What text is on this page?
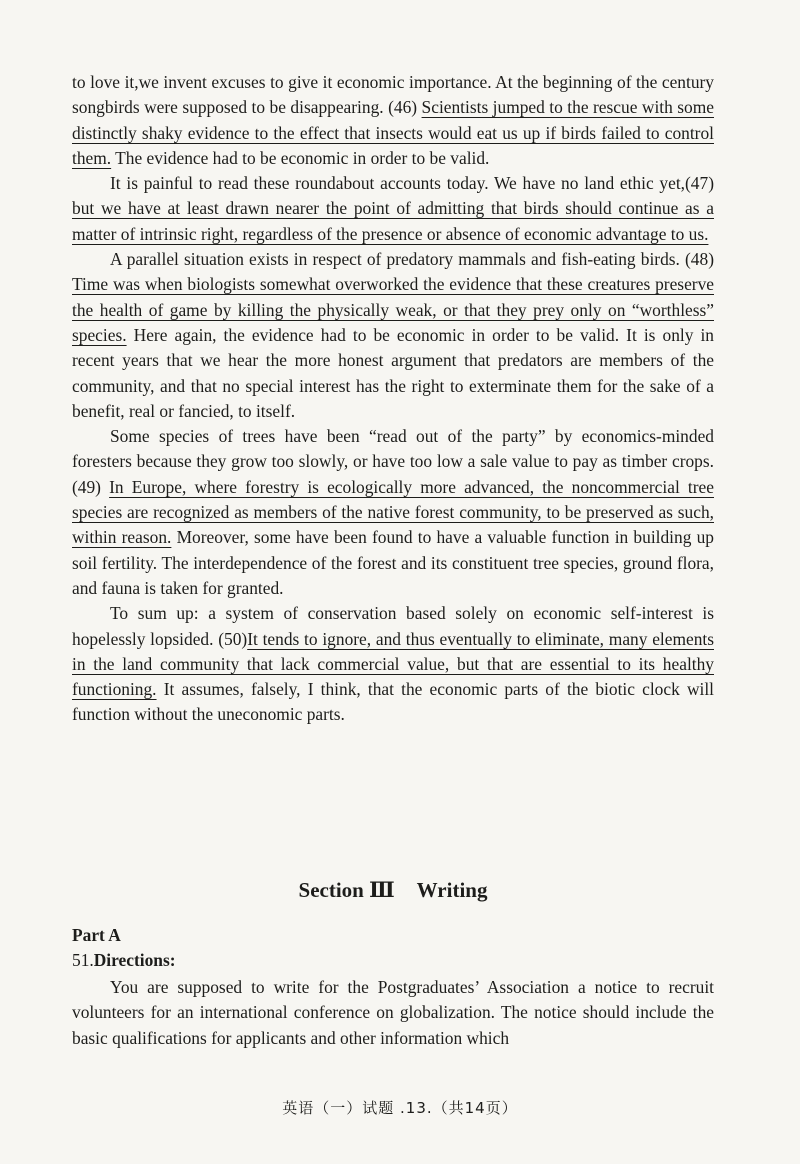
to love it,we invent excuses to give it economic importance. At the beginning of the century songbirds were supposed to be disappearing. (46) Scientists jumped to the rescue with some distinctly shaky evidence to the effect that insects would eat us up if birds failed to control them. The evidence had to be economic in order to be valid.

It is painful to read these roundabout accounts today. We have no land ethic yet,(47) but we have at least drawn nearer the point of admitting that birds should continue as a matter of intrinsic right, regardless of the presence or absence of economic advantage to us.

A parallel situation exists in respect of predatory mammals and fish-eating birds. (48) Time was when biologists somewhat overworked the evidence that these creatures preserve the health of game by killing the physically weak, or that they prey only on “worthless” species. Here again, the evidence had to be economic in order to be valid. It is only in recent years that we hear the more honest argument that predators are members of the community, and that no special interest has the right to exterminate them for the sake of a benefit, real or fancied, to itself.

Some species of trees have been “read out of the party” by economics-minded foresters because they grow too slowly, or have too low a sale value to pay as timber crops. (49) In Europe, where forestry is ecologically more advanced, the noncommercial tree species are recognized as members of the native forest community, to be preserved as such, within reason. Moreover, some have been found to have a valuable function in building up soil fertility. The interdependence of the forest and its constituent tree species, ground flora, and fauna is taken for granted.

To sum up: a system of conservation based solely on economic self-interest is hopelessly lopsided. (50)It tends to ignore, and thus eventually to eliminate, many elements in the land community that lack commercial value, but that are essential to its healthy functioning. It assumes, falsely, I think, that the economic parts of the biotic clock will function without the uneconomic parts.

Section Ⅲ Writing
Part A
51.Directions:

You are supposed to write for the Postgraduates’ Association a notice to recruit volunteers for an international conference on globalization. The notice should include the basic qualifications for applicants and other information which

英语（一）试题 .13.（共14页）
